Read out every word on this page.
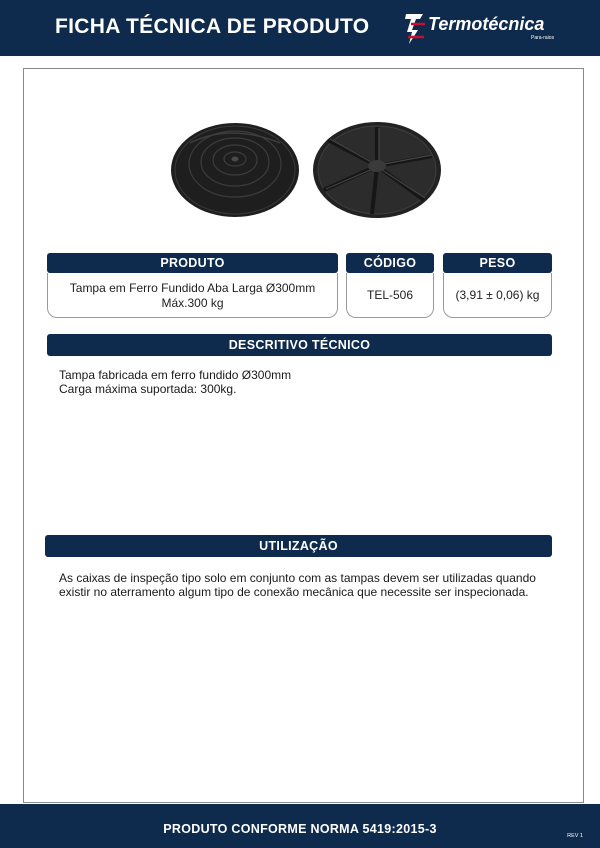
FICHA TÉCNICA DE PRODUTO	Termotécnica
Para-raios
PRODUTO	CÓDIGO	PESO
Tampa em Ferro Fundido Aba Larga Ø300mm
Máx.300 kg
TEL-506	(3,91 ± 0,06) kg
DESCRITIVO TÉCNICO
Tampa fabricada em ferro fundido Ø300mm
Carga máxima suportada: 300kg.
UTILIZAÇÃO
As caixas de inspeção tipo solo em conjunto com as tampas devem ser utilizadas quando
existir no aterramento algum tipo de conexão mecânica que necessite ser inspecionada.
PRODUTO CONFORME NORMA 5419:2015-3	REV 1
